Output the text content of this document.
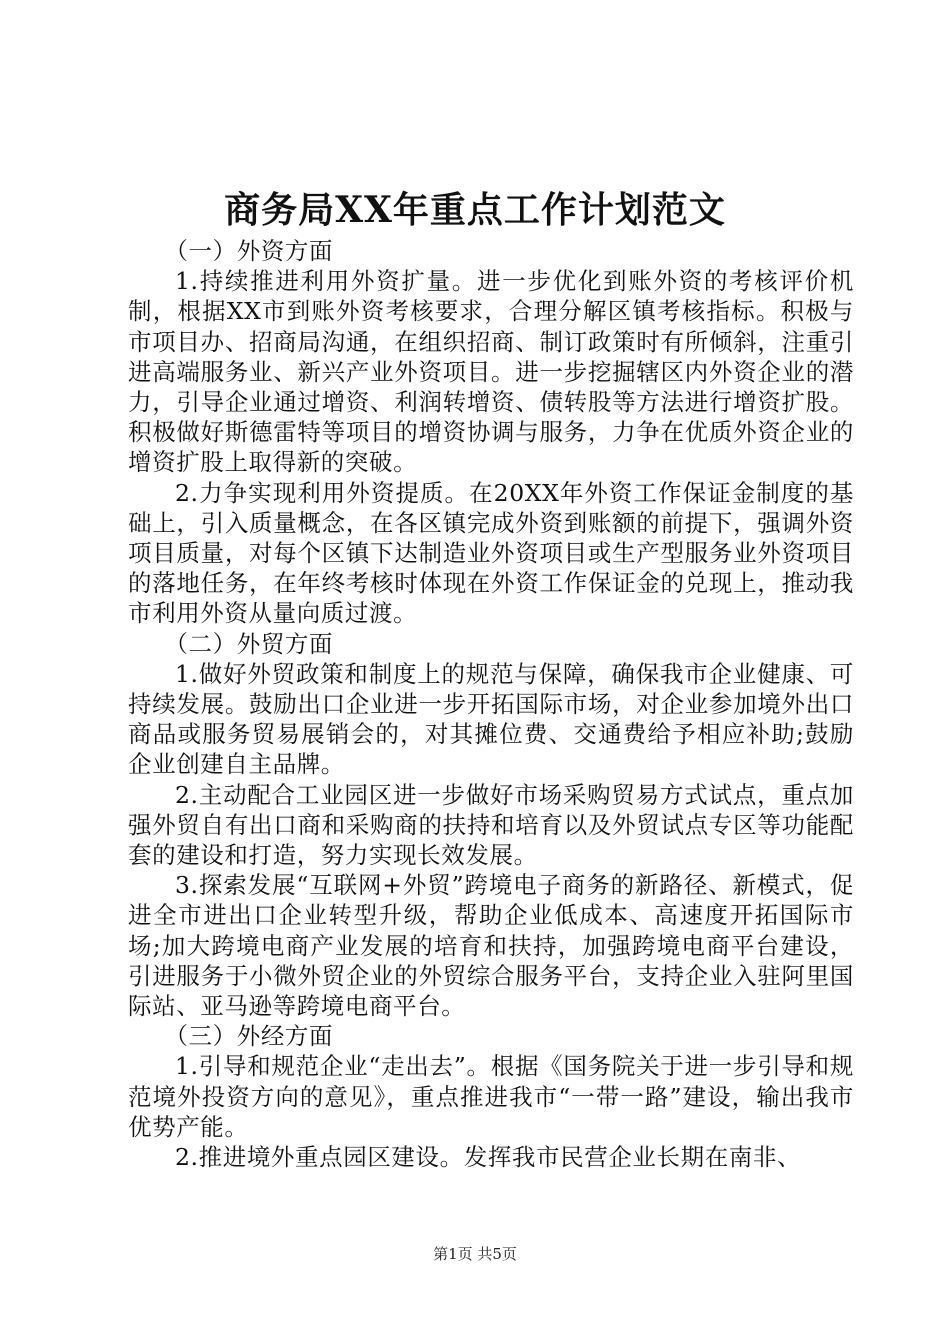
商务局XX年重点工作计划范文

（一）外资方面

1.持续推进利用外资扩量。进一步优化到账外资的考核评价机制，根据XX市到账外资考核要求，合理分解区镇考核指标。积极与市项目办、招商局沟通，在组织招商、制订政策时有所倾斜，注重引进高端服务业、新兴产业外资项目。进一步挖掘辖区内外资企业的潜力，引导企业通过增资、利润转增资、债转股等方法进行增资扩股。积极做好斯德雷特等项目的增资协调与服务，力争在优质外资企业的增资扩股上取得新的突破。

2.力争实现利用外资提质。在20XX年外资工作保证金制度的基础上，引入质量概念，在各区镇完成外资到账额的前提下，强调外资项目质量，对每个区镇下达制造业外资项目或生产型服务业外资项目的落地任务，在年终考核时体现在外资工作保证金的兑现上，推动我市利用外资从量向质过渡。

（二）外贸方面

1.做好外贸政策和制度上的规范与保障，确保我市企业健康、可持续发展。鼓励出口企业进一步开拓国际市场，对企业参加境外出口商品或服务贸易展销会的，对其摊位费、交通费给予相应补助;鼓励企业创建自主品牌。

2.主动配合工业园区进一步做好市场采购贸易方式试点，重点加强外贸自有出口商和采购商的扶持和培育以及外贸试点专区等功能配套的建设和打造，努力实现长效发展。

3.探索发展“互联网+外贸”跨境电子商务的新路径、新模式，促进全市进出口企业转型升级，帮助企业低成本、高速度开拓国际市场;加大跨境电商产业发展的培育和扶持，加强跨境电商平台建设，引进服务于小微外贸企业的外贸综合服务平台，支持企业入驻阿里国际站、亚马逊等跨境电商平台。

（三）外经方面

1.引导和规范企业“走出去”。根据《国务院关于进一步引导和规范境外投资方向的意见》，重点推进我市“一带一路”建设，输出我市优势产能。

2.推进境外重点园区建设。发挥我市民营企业长期在南非、

第1页 共5页
